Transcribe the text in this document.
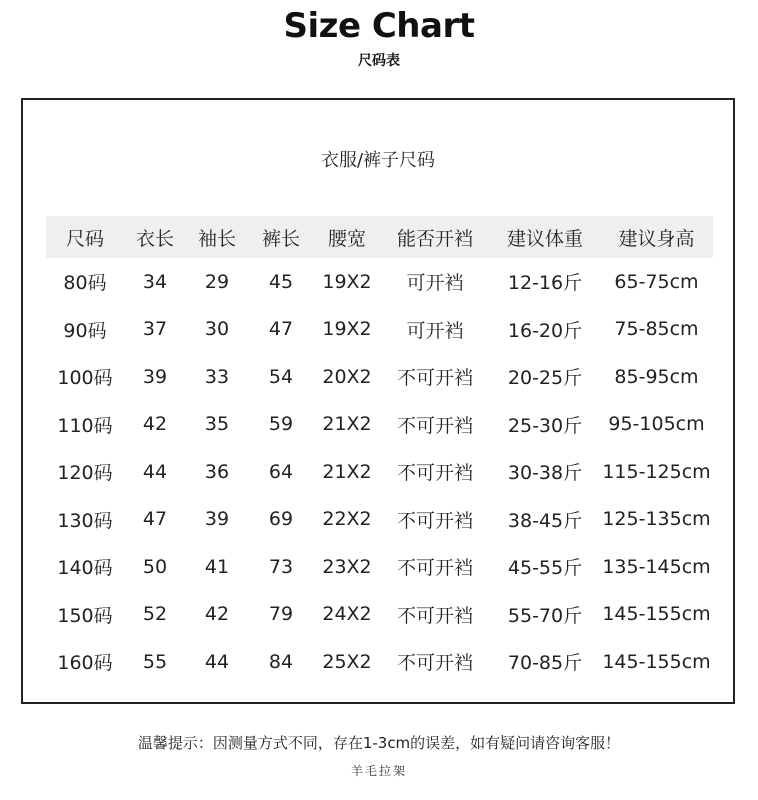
Size Chart
尺码表
衣服/裤子尺码
尺码	衣长	袖长	裤长	腰宽	能否开裆	建议体重	建议身高
80码	34	29	45	19X2	可开裆	12-16斤	65-75cm
90码	37	30	47	19X2	可开裆	16-20斤	75-85cm
100码	39	33	54	20X2	不可开裆	20-25斤	85-95cm
110码	42	35	59	21X2	不可开裆	25-30斤	95-105cm
120码	44	36	64	21X2	不可开裆	30-38斤	115-125cm
130码	47	39	69	22X2	不可开裆	38-45斤	125-135cm
140码	50	41	73	23X2	不可开裆	45-55斤	135-145cm
150码	52	42	79	24X2	不可开裆	55-70斤	145-155cm
160码	55	44	84	25X2	不可开裆	70-85斤	145-155cm
温馨提示：因测量方式不同，存在1-3cm的误差，如有疑问请咨询客服！
羊毛拉架
